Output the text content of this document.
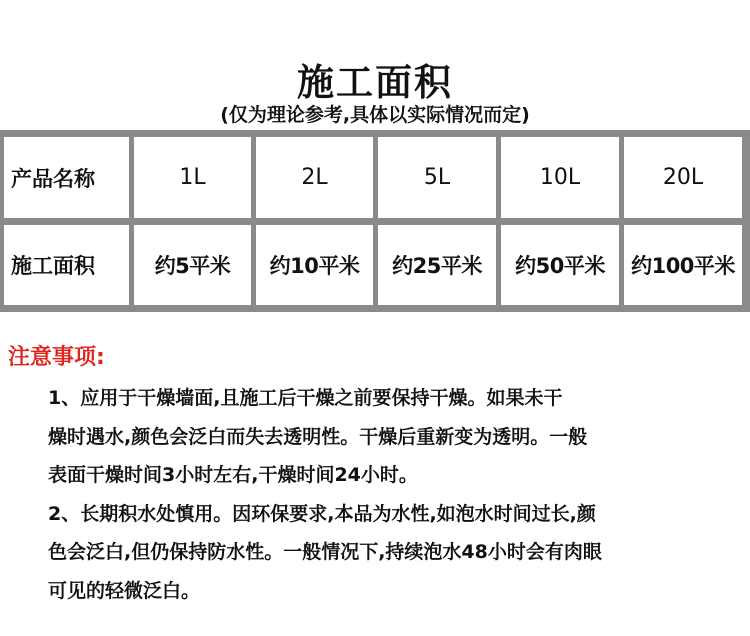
施工面积
(仅为理论参考,具体以实际情况而定)
产品名称	1L	2L	5L	10L	20L
施工面积	约5平米	约10平米	约25平米	约50平米	约100平米
注意事项:
1、应用于干燥墙面,且施工后干燥之前要保持干燥。如果未干
燥时遇水,颜色会泛白而失去透明性。干燥后重新变为透明。一般
表面干燥时间3小时左右,干燥时间24小时。
2、长期积水处慎用。因环保要求,本品为水性,如泡水时间过长,颜
色会泛白,但仍保持防水性。一般情况下,持续泡水48小时会有肉眼
可见的轻微泛白。
